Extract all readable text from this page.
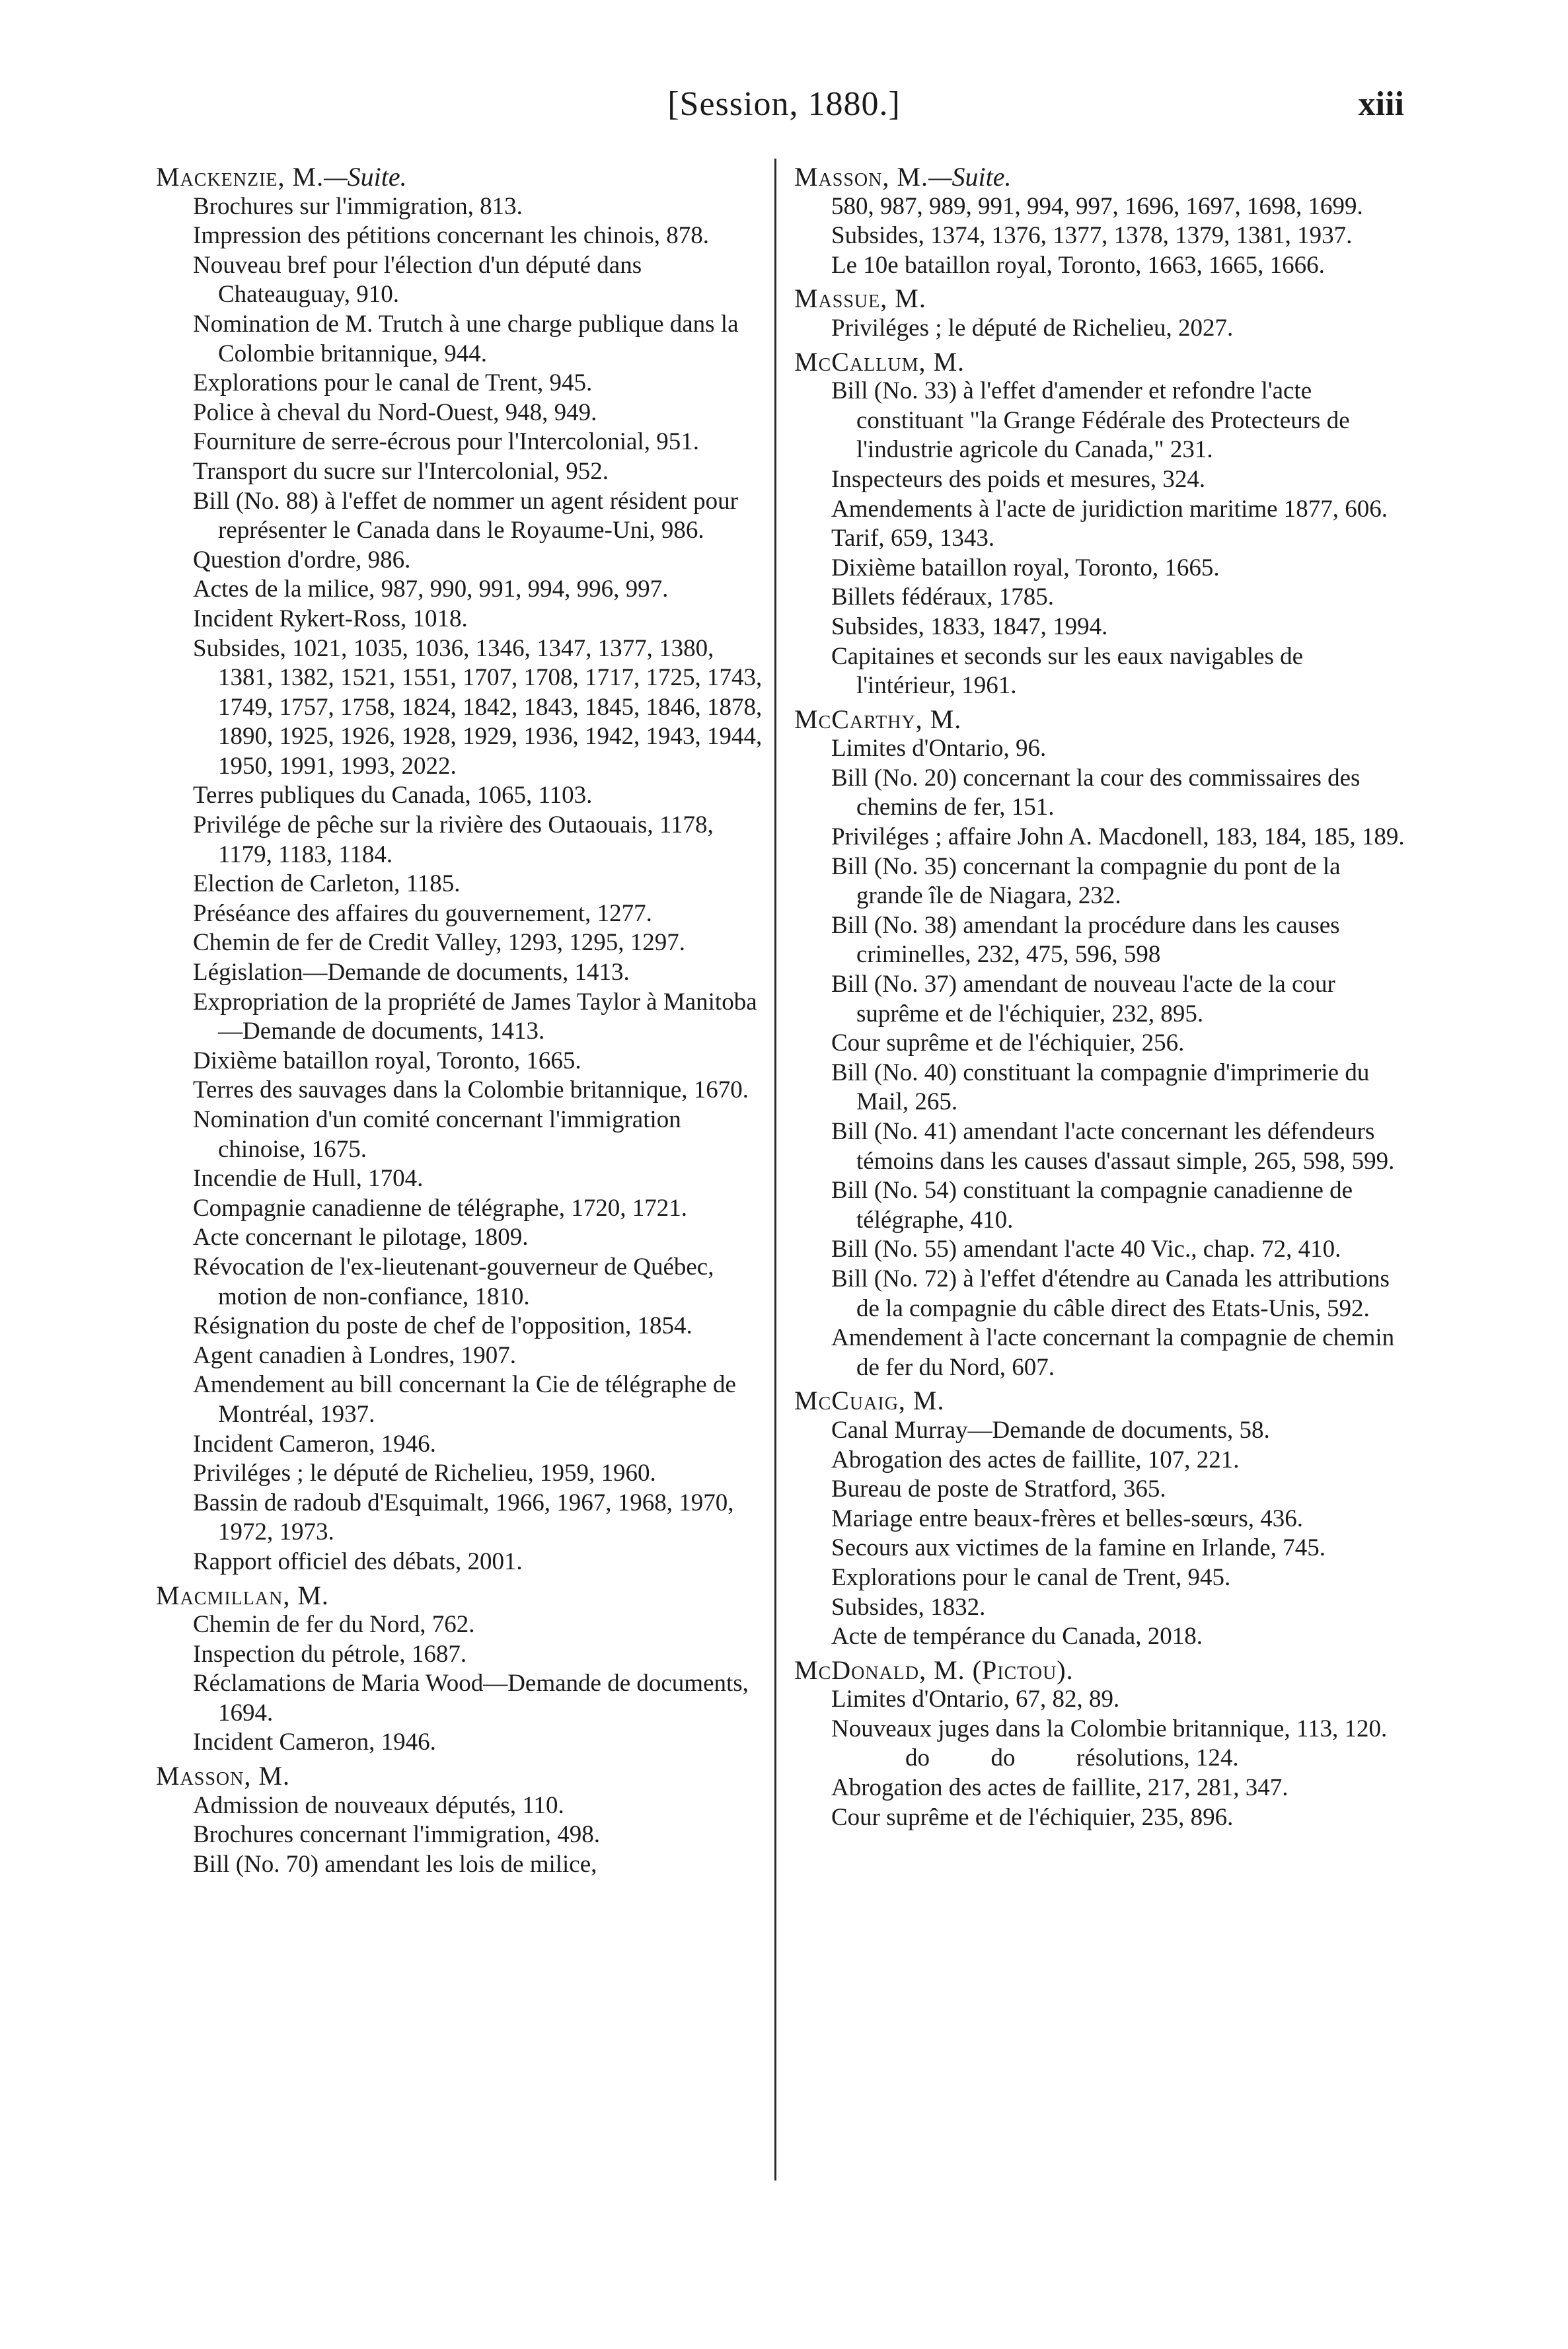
[Session, 1880.]	xiii
Mackenzie, M.—Suite.
Brochures sur l'immigration, 813.
Impression des pétitions concernant les chinois, 878.
Nouveau bref pour l'élection d'un député dans Chateauguay, 910.
Nomination de M. Trutch à une charge publique dans la Colombie britannique, 944.
Explorations pour le canal de Trent, 945.
Police à cheval du Nord-Ouest, 948, 949.
Fourniture de serre-écrous pour l'Intercolonial, 951.
Transport du sucre sur l'Intercolonial, 952.
Bill (No. 88) à l'effet de nommer un agent résident pour représenter le Canada dans le Royaume-Uni, 986.
Question d'ordre, 986.
Actes de la milice, 987, 990, 991, 994, 996, 997.
Incident Rykert-Ross, 1018.
Subsides, 1021, 1035, 1036, 1346, 1347, 1377, 1380, 1381, 1382, 1521, 1551, 1707, 1708, 1717, 1725, 1743, 1749, 1757, 1758, 1824, 1842, 1843, 1845, 1846, 1878, 1890, 1925, 1926, 1928, 1929, 1936, 1942, 1943, 1944, 1950, 1991, 1993, 2022.
Terres publiques du Canada, 1065, 1103.
Privilége de pêche sur la rivière des Outaouais, 1178, 1179, 1183, 1184.
Election de Carleton, 1185.
Préséance des affaires du gouvernement, 1277.
Chemin de fer de Credit Valley, 1293, 1295, 1297.
Législation—Demande de documents, 1413.
Expropriation de la propriété de James Taylor à Manitoba—Demande de documents, 1413.
Dixième bataillon royal, Toronto, 1665.
Terres des sauvages dans la Colombie britannique, 1670.
Nomination d'un comité concernant l'immigration chinoise, 1675.
Incendie de Hull, 1704.
Compagnie canadienne de télégraphe, 1720, 1721.
Acte concernant le pilotage, 1809.
Révocation de l'ex-lieutenant-gouverneur de Québec, motion de non-confiance, 1810.
Résignation du poste de chef de l'opposition, 1854.
Agent canadien à Londres, 1907.
Amendement au bill concernant la Cie de télégraphe de Montréal, 1937.
Incident Cameron, 1946.
Priviléges ; le député de Richelieu, 1959, 1960.
Bassin de radoub d'Esquimalt, 1966, 1967, 1968, 1970, 1972, 1973.
Rapport officiel des débats, 2001.
Macmillan, M.
Chemin de fer du Nord, 762.
Inspection du pétrole, 1687.
Réclamations de Maria Wood—Demande de documents, 1694.
Incident Cameron, 1946.
Masson, M.
Admission de nouveaux députés, 110.
Brochures concernant l'immigration, 498.
Bill (No. 70) amendant les lois de milice,
Masson, M.—Suite.
580, 987, 989, 991, 994, 997, 1696, 1697, 1698, 1699.
Subsides, 1374, 1376, 1377, 1378, 1379, 1381, 1937.
Le 10e bataillon royal, Toronto, 1663, 1665, 1666.
Massue, M.
Priviléges ; le député de Richelieu, 2027.
McCallum, M.
Bill (No. 33) à l'effet d'amender et refondre l'acte constituant "la Grange Fédérale des Protecteurs de l'industrie agricole du Canada," 231.
Inspecteurs des poids et mesures, 324.
Amendements à l'acte de juridiction maritime 1877, 606.
Tarif, 659, 1343.
Dixième bataillon royal, Toronto, 1665.
Billets fédéraux, 1785.
Subsides, 1833, 1847, 1994.
Capitaines et seconds sur les eaux navigables de l'intérieur, 1961.
McCarthy, M.
Limites d'Ontario, 96.
Bill (No. 20) concernant la cour des commissaires des chemins de fer, 151.
Priviléges ; affaire John A. Macdonell, 183, 184, 185, 189.
Bill (No. 35) concernant la compagnie du pont de la grande île de Niagara, 232.
Bill (No. 38) amendant la procédure dans les causes criminelles, 232, 475, 596, 598
Bill (No. 37) amendant de nouveau l'acte de la cour suprême et de l'échiquier, 232, 895.
Cour suprême et de l'échiquier, 256.
Bill (No. 40) constituant la compagnie d'imprimerie du Mail, 265.
Bill (No. 41) amendant l'acte concernant les défendeurs témoins dans les causes d'assaut simple, 265, 598, 599.
Bill (No. 54) constituant la compagnie canadienne de télégraphe, 410.
Bill (No. 55) amendant l'acte 40 Vic., chap. 72, 410.
Bill (No. 72) à l'effet d'étendre au Canada les attributions de la compagnie du câble direct des Etats-Unis, 592.
Amendement à l'acte concernant la compagnie de chemin de fer du Nord, 607.
McCuaig, M.
Canal Murray—Demande de documents, 58.
Abrogation des actes de faillite, 107, 221.
Bureau de poste de Stratford, 365.
Mariage entre beaux-frères et belles-sœurs, 436.
Secours aux victimes de la famine en Irlande, 745.
Explorations pour le canal de Trent, 945.
Subsides, 1832.
Acte de tempérance du Canada, 2018.
McDonald, M. (Pictou).
Limites d'Ontario, 67, 82, 89.
Nouveaux juges dans la Colombie britannique, 113, 120.
do          do          résolutions, 124.
Abrogation des actes de faillite, 217, 281, 347.
Cour suprême et de l'échiquier, 235, 896.
